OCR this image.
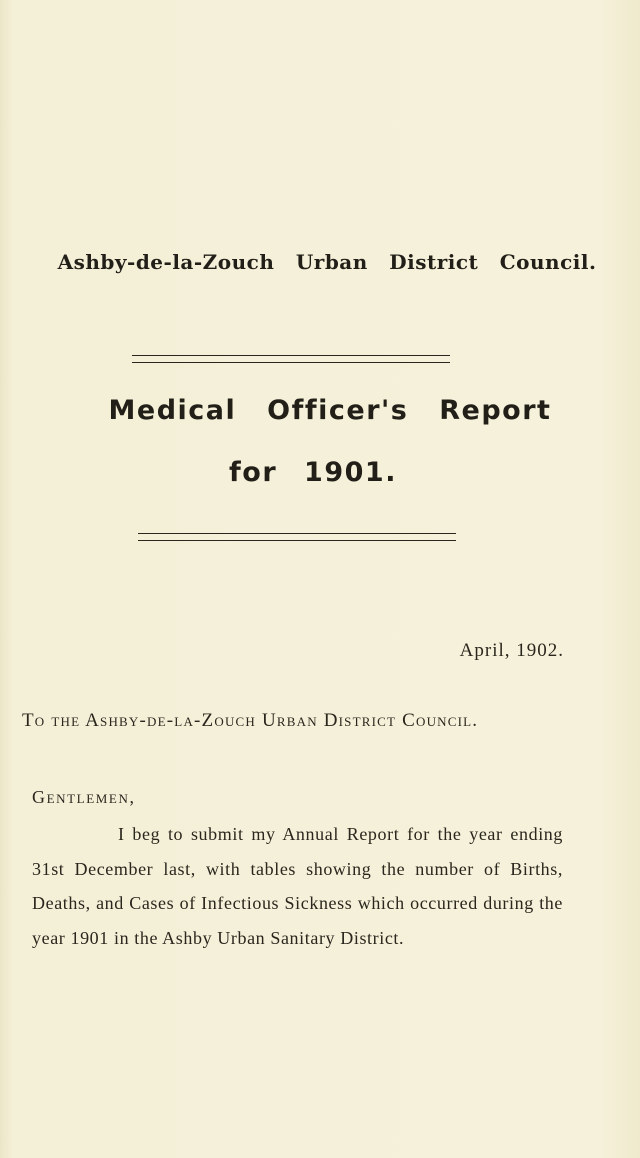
Ashby-de-la-Zouch Urban District Council.
Medical Officer's Report
for 1901.
April, 1902.
To the Ashby-de-la-Zouch Urban District Council.
Gentlemen,

I beg to submit my Annual Report for the year ending 31st December last, with tables showing the number of Births, Deaths, and Cases of Infectious Sickness which occurred during the year 1901 in the Ashby Urban Sanitary District.
